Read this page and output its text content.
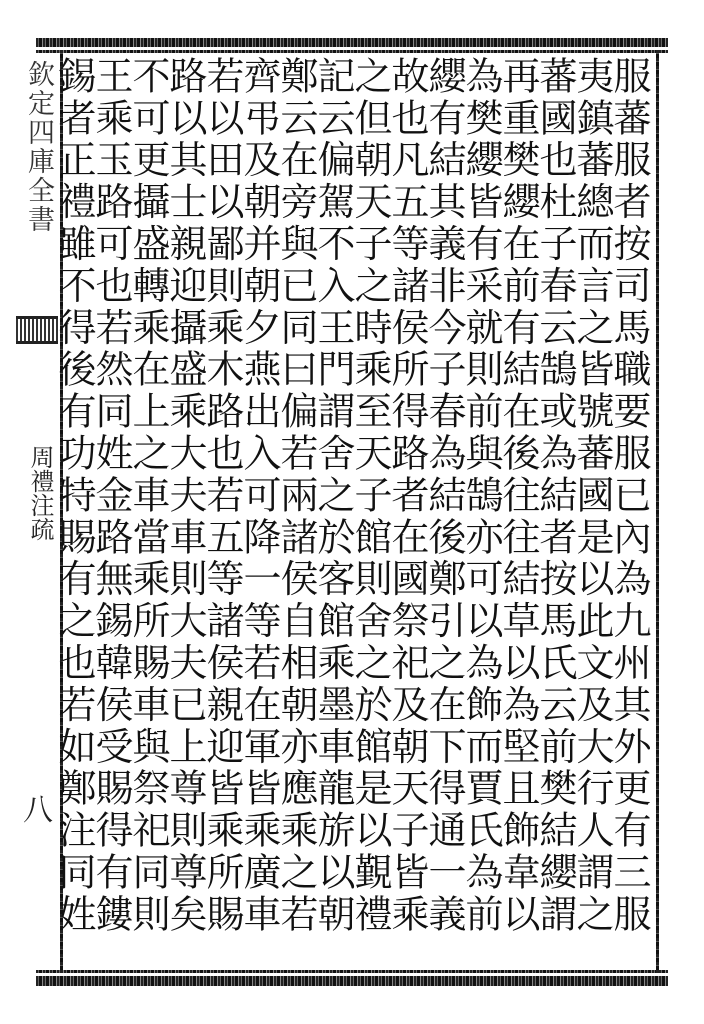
欽定四庫全書
周禮注疏
八	服蕃服者按司馬職要服已內為九州其外更有三服
夷鎮蕃總而言之皆號蕃國是以此文及大行人謂之
蕃國也杜子春云鵠或為結者按馬氏云前樊結纓謂
再重樊纓在前有結在後往往結草以為堅且飾韋以
為樊纓皆有采就則前與鵠亦可以為飾而賈氏為前
纓有結其義非今子春為結後鄭引之在下得通一義
故也凡五等諸侯所得路者在國祭祀及朝天子皆乘
之但朝天子之時乘至天子館則舍之於館是以覲禮
記云偏駕不入王門謂舍之於客館乘墨車龍旂以朝
鄭云在旁與已同曰偏若兩諸侯自相朝亦應乘之若
齊弔及朝并朝夕燕出入可降一等若在軍皆乘廣車
若以田以鄙則乘木路也若五等諸侯親迎皆乘所賜
路以其士親迎攝盛乘大夫車則大夫已上尊則尊矣
不可更攝盛轉乘在上之車當乘所賜車與祭祀同則
王乘玉路可也若然同姓金路無錫韓侯受賜得有鏤
錫者正禮雖不得後有功特賜有之也若如鄭注同姓
